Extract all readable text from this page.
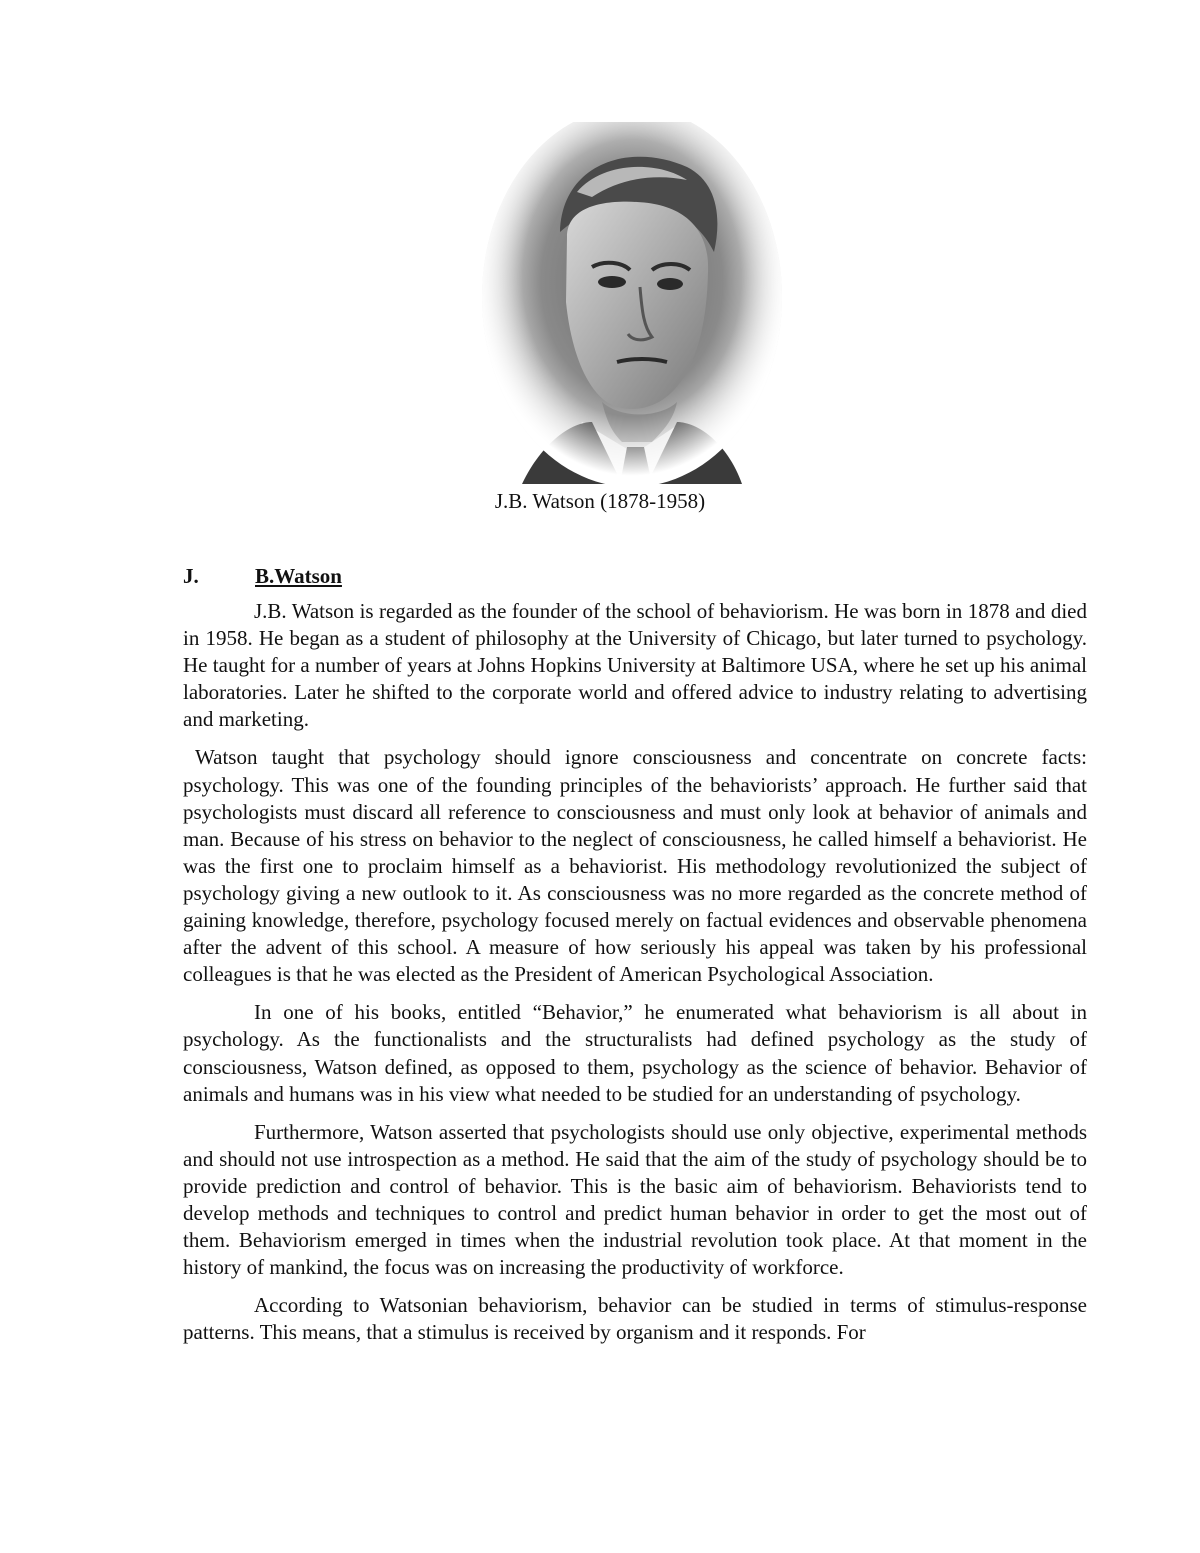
J.B. Watson (1878-1958)
J.	B.Watson

J.B. Watson is regarded as the founder of the school of behaviorism. He was born in 1878 and died in 1958. He began as a student of philosophy at the University of Chicago, but later turned to psychology. He taught for a number of years at Johns Hopkins University at Baltimore USA, where he set up his animal laboratories. Later he shifted to the corporate world and offered advice to industry relating to advertising and marketing.

Watson taught that psychology should ignore consciousness and concentrate on concrete facts: psychology. This was one of the founding principles of the behaviorists’ approach. He further said that psychologists must discard all reference to consciousness and must only look at behavior of animals and man. Because of his stress on behavior to the neglect of consciousness, he called himself a behaviorist. He was the first one to proclaim himself as a behaviorist. His methodology revolutionized the subject of psychology giving a new outlook to it. As consciousness was no more regarded as the concrete method of gaining knowledge, therefore, psychology focused merely on factual evidences and observable phenomena after the advent of this school. A measure of how seriously his appeal was taken by his professional colleagues is that he was elected as the President of American Psychological Association.

In one of his books, entitled “Behavior,” he enumerated what behaviorism is all about in psychology. As the functionalists and the structuralists had defined psychology as the study of consciousness, Watson defined, as opposed to them, psychology as the science of behavior. Behavior of animals and humans was in his view what needed to be studied for an understanding of psychology.

Furthermore, Watson asserted that psychologists should use only objective, experimental methods and should not use introspection as a method. He said that the aim of the study of psychology should be to provide prediction and control of behavior. This is the basic aim of behaviorism. Behaviorists tend to develop methods and techniques to control and predict human behavior in order to get the most out of them. Behaviorism emerged in times when the industrial revolution took place. At that moment in the history of mankind, the focus was on increasing the productivity of workforce.

According to Watsonian behaviorism, behavior can be studied in terms of stimulus-response patterns. This means, that a stimulus is received by organism and it responds. For
